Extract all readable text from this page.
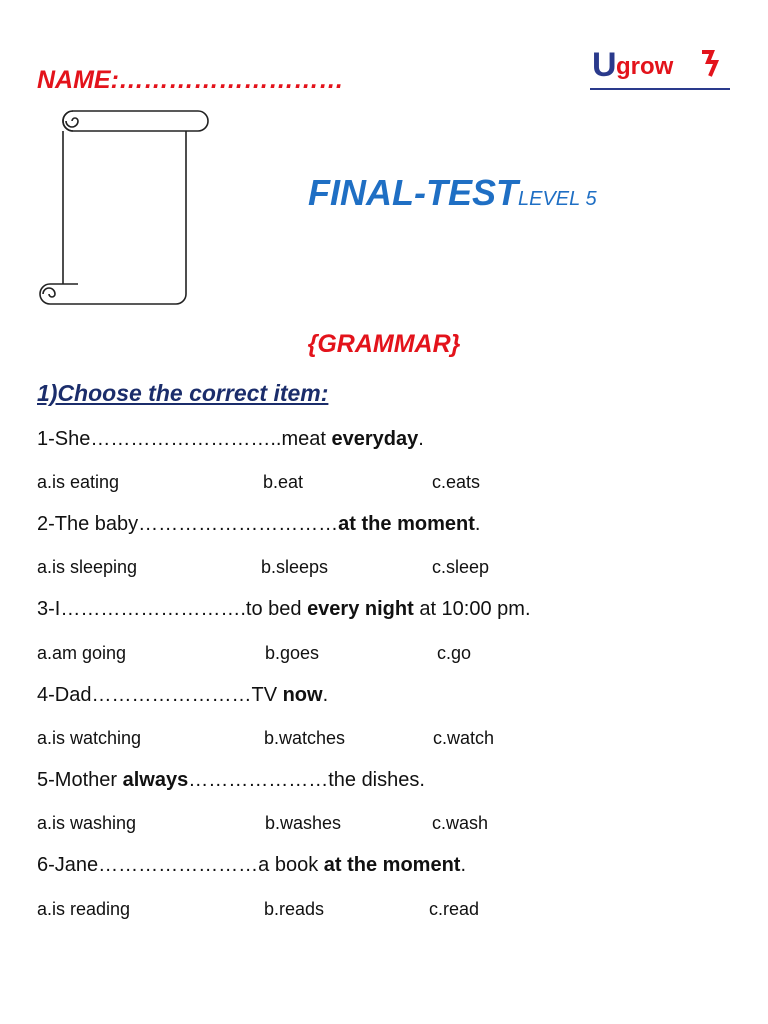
NAME:………………………	U grow
FINAL-TESTLEVEL 5
{GRAMMAR}
1)Choose the correct item:
1-She………………………..meat everyday.
a.is eating	b.eat	c.eats
2-The baby…………………………at the moment.
a.is sleeping	b.sleeps	c.sleep
3-I……………………….to bed every night at 10:00 pm.
a.am going	b.goes	c.go
4-Dad……………………TV now.
a.is watching	b.watches	c.watch
5-Mother always…………………the dishes.
a.is washing	b.washes	c.wash
6-Jane……………………a book at the moment.
a.is reading	b.reads	c.read
